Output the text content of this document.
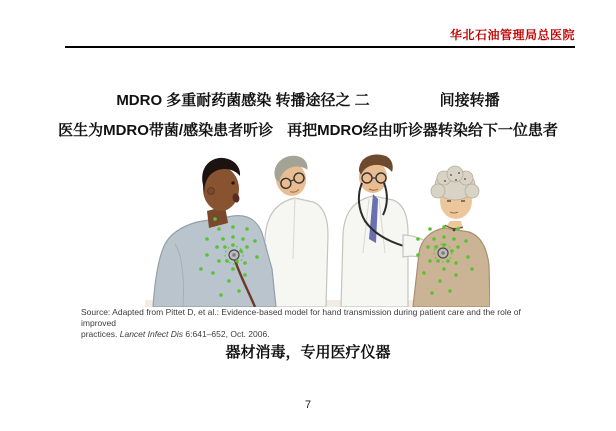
华北石油管理局总医院
MDRO 多重耐药菌感染 转播途径之 二	间接转播
医生为MDRO带菌/感染患者听诊 再把MDRO经由听诊器转染给下一位患者
Source: Adapted from Pittet D, et al.: Evidence-based model for hand transmission during patient care and the role of improved
practices. Lancet Infect Dis 6:641–652, Oct. 2006.
器材消毒，专用医疗仪器
7
